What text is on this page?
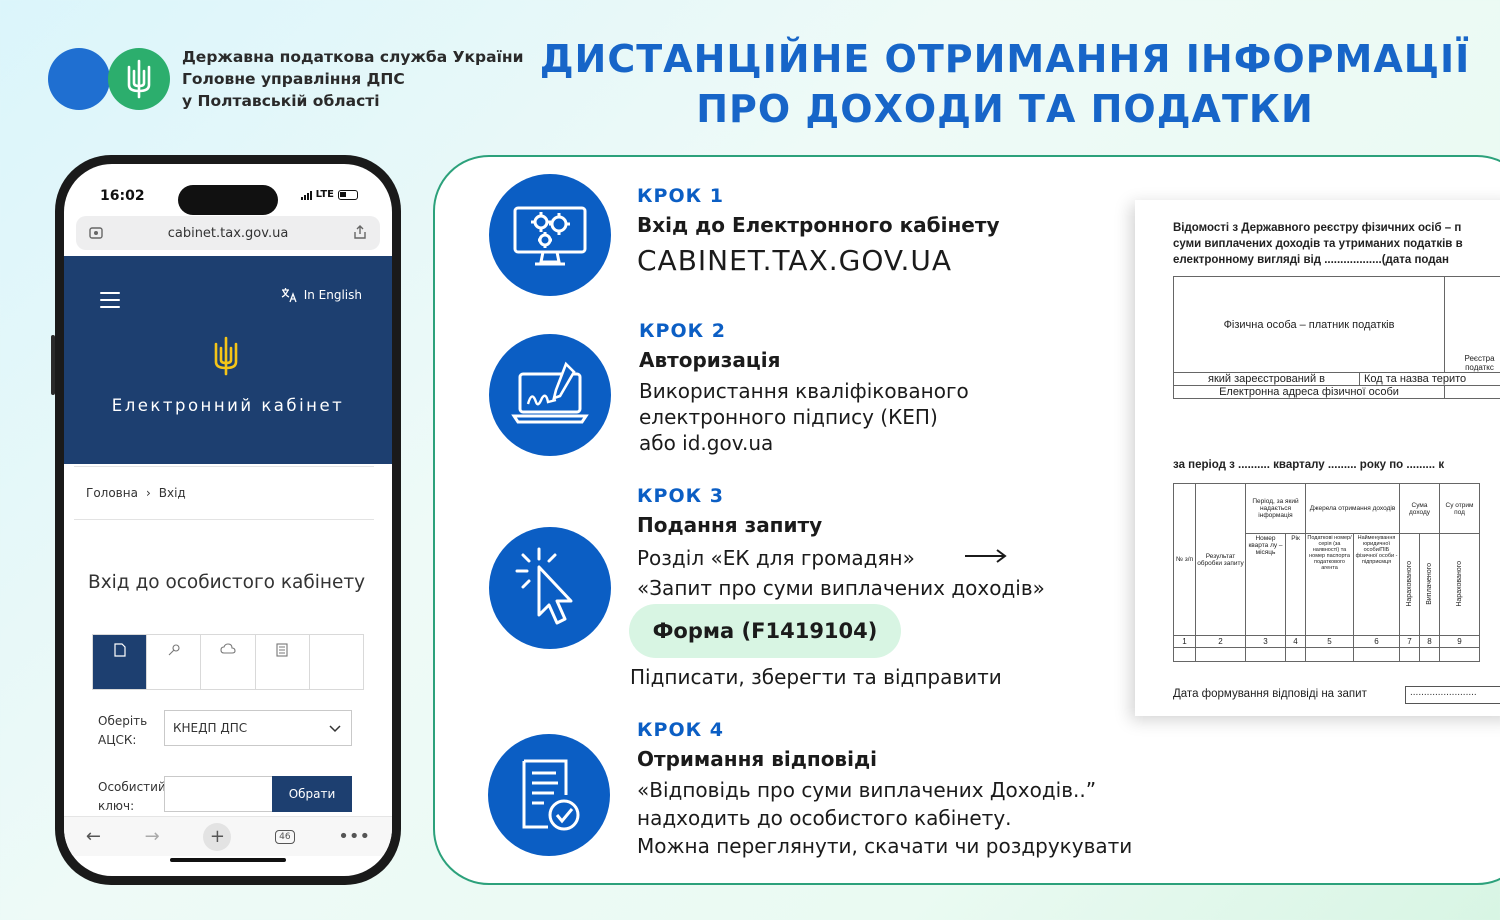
Державна податкова служба України
Головне управління ДПС
у Полтавській області
ДИСТАНЦІЙНЕ ОТРИМАННЯ ІНФОРМАЦІЇ
ПРО ДОХОДИ ТА ПОДАТКИ
16:02	LTE
cabinet.tax.gov.ua
In English
Електронний кабінет
Головна › Вхід
Вхід до особистого кабінету
Оберіть
АЦСК:
КНЕДП ДПС
Особистий
ключ:
Обрати
← →	+	46	•••
Відомості з Державного реєстру фізичних осіб – п
суми виплачених доходів та утриманих податків в
електронному вигляді від ..................(дата подан
Фізична особа – платник податків		Реєстра
податкс

який зареєстрований в	Код та назва терито	
Електронна адреса фізичної особи		
за період з .......... кварталу ......... року по ......... к
№ з/п	Результат обробки запиту	Період, за який надається інформація		Джерела отримання доходів		Сума доходу		Су отрим под
		Номер кварта лу – місяць	Рік	Податкові номер/серія (за наявності) та номер паспорта податкового агента	Найменування юридичної особи/ПІБ фізичної особи - підприємця	Нарахованого	Виплаченого	Нарахованого
1	2	3	4	5	6	7	8	9

Дата формування відповіді на запит	........................
КРОК 1
Вхід до Електронного кабінету
CABINET.TAX.GOV.UA
КРОК 2
Авторизація
Використання кваліфікованого
електронного підпису (КЕП)
або id.gov.ua
КРОК 3
Подання запиту
Розділ «ЕК для громадян»
«Запит про суми виплачених доходів»
Форма (F1419104)
Підписати, зберегти та відправити
КРОК 4
Отримання відповіді
«Відповідь про суми виплачених Доходів..”
надходить до особистого кабінету.
Можна переглянути, скачати чи роздрукувати
